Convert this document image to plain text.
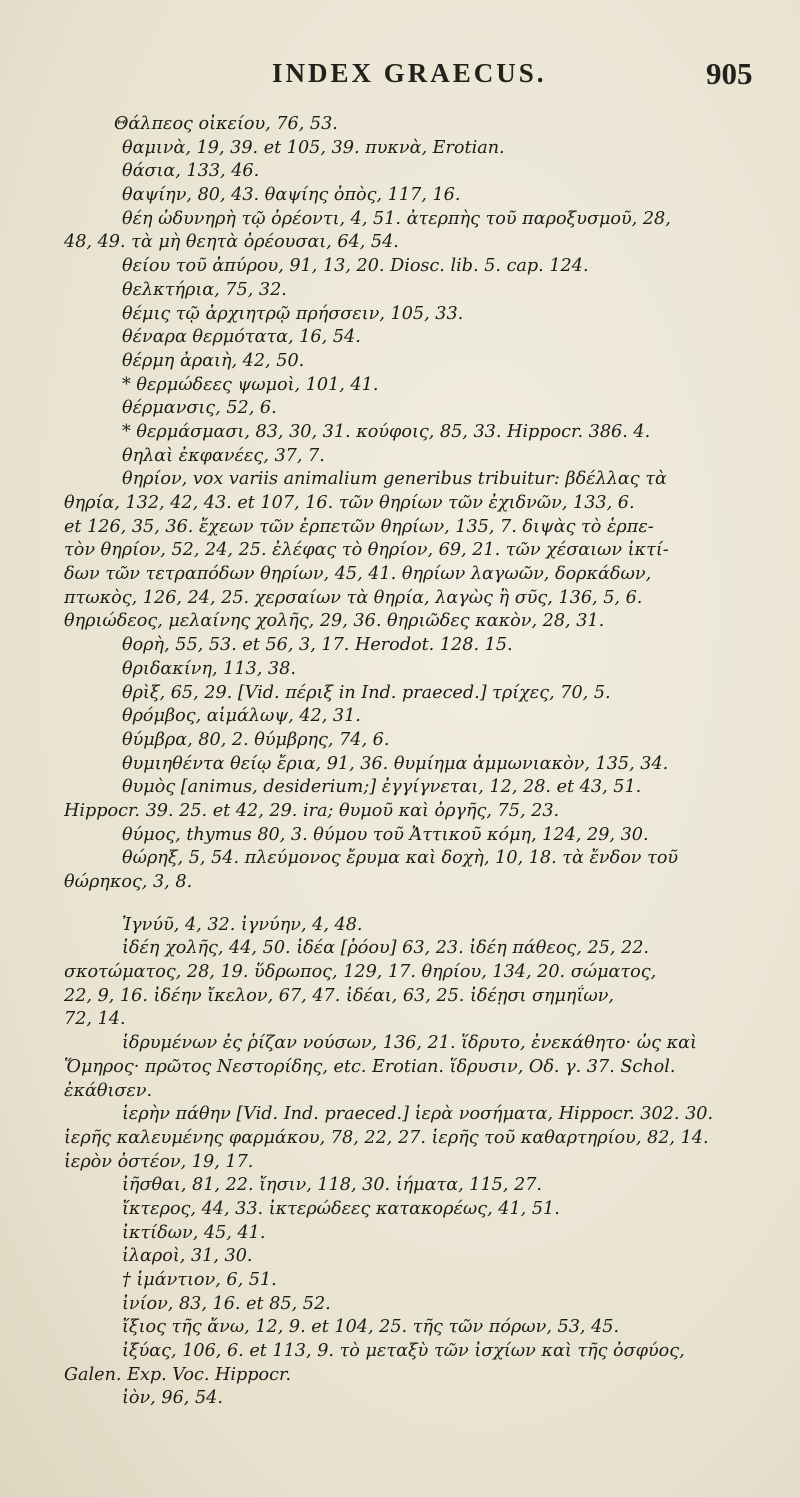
INDEX GRAECUS.	905
Θάλπεος οἰκείου, 76, 53.
θαμινὰ, 19, 39. et 105, 39. πυκνὰ, Erotian.
θάσια, 133, 46.
θαψίην, 80, 43. θαψίης ὀπὸς, 117, 16.
θέη ὠδυνηρὴ τῷ ὀρέοντι, 4, 51. ἀτερπὴς τοῦ παροξυσμοῦ, 28,
48, 49. τὰ μὴ θεητὰ ὀρέουσαι, 64, 54.
θείου τοῦ ἀπύρου, 91, 13, 20. Diosc. lib. 5. cap. 124.
θελκτήρια, 75, 32.
θέμις τῷ ἀρχιητρῷ πρήσσειν, 105, 33.
θέναρα θερμότατα, 16, 54.
θέρμη ἀραιὴ, 42, 50.
* θερμώδεες ψωμοὶ, 101, 41.
θέρμανσις, 52, 6.
* θερμάσμασι, 83, 30, 31. κούφοις, 85, 33. Hippocr. 386. 4.
θηλαὶ ἐκφανέες, 37, 7.
θηρίον, vox variis animalium generibus tribuitur: βδέλλας τὰ
θηρία, 132, 42, 43. et 107, 16. τῶν θηρίων τῶν ἐχιδνῶν, 133, 6.
et 126, 35, 36. ἔχεων τῶν ἑρπετῶν θηρίων, 135, 7. διψὰς τὸ ἑρπε-
τὸν θηρίον, 52, 24, 25. ἐλέφας τὸ θηρίον, 69, 21. τῶν χέσαιων ἰκτί-
δων τῶν τετραπόδων θηρίων, 45, 41. θηρίων λαγωῶν, δορκάδων,
πτωκὸς, 126, 24, 25. χερσαίων τὰ θηρία, λαγὼς ἢ σῦς, 136, 5, 6.
θηριώδεος, μελαίνης χολῆς, 29, 36. θηριῶδες κακὸν, 28, 31.
θορὴ, 55, 53. et 56, 3, 17. Herodot. 128. 15.
θριδακίνη, 113, 38.
θρὶξ, 65, 29. [Vid. πέριξ in Ind. praeced.] τρίχες, 70, 5.
θρόμβος, αἱμάλωψ, 42, 31.
θύμβρα, 80, 2. θύμβρης, 74, 6.
θυμιηθέντα θείῳ ἔρια, 91, 36. θυμίημα ἀμμωνιακὸν, 135, 34.
θυμὸς [animus, desiderium;] ἐγγίγνεται, 12, 28. et 43, 51.
Hippocr. 39. 25. et 42, 29. ira; θυμοῦ καὶ ὀργῆς, 75, 23.
θύμος, thymus 80, 3. θύμου τοῦ Ἀττικοῦ κόμη, 124, 29, 30.
θώρηξ, 5, 54. πλεύμονος ἔρυμα καὶ δοχὴ, 10, 18. τὰ ἔνδον τοῦ
θώρηκος, 3, 8.
Ἰγνύῦ, 4, 32. ἰγνύην, 4, 48.
ἰδέη χολῆς, 44, 50. ἰδέα [ῥόου] 63, 23. ἰδέη πάθεος, 25, 22.
σκοτώματος, 28, 19. ὕδρωπος, 129, 17. θηρίου, 134, 20. σώματος,
22, 9, 16. ἰδέην ἴκελον, 67, 47. ἰδέαι, 63, 25. ἰδέῃσι σημηΐων,
72, 14.
ἱδρυμένων ἐς ῥίζαν νούσων, 136, 21. ἵδρυτο, ἐνεκάθητο· ὡς καὶ
Ὅμηρος· πρῶτος Νεστορίδης, etc. Erotian. ἵδρυσιν, Οδ. γ. 37. Schol.
ἐκάθισεν.
ἱερὴν πάθην [Vid. Ind. praeced.] ἱερὰ νοσήματα, Hippocr. 302. 30.
ἱερῆς καλευμένης φαρμάκου, 78, 22, 27. ἱερῆς τοῦ καθαρτηρίου, 82, 14.
ἱερὸν ὀστέον, 19, 17.
ἰῆσθαι, 81, 22. ἴησιν, 118, 30. ἰήματα, 115, 27.
ἴκτερος, 44, 33. ἰκτερώδεες κατακορέως, 41, 51.
ἰκτίδων, 45, 41.
ἱλαροὶ, 31, 30.
† ἱμάντιον, 6, 51.
ἰνίον, 83, 16. et 85, 52.
ἴξιος τῆς ἄνω, 12, 9. et 104, 25. τῆς τῶν πόρων, 53, 45.
ἰξύας, 106, 6. et 113, 9. τὸ μεταξὺ τῶν ἰσχίων καὶ τῆς ὀσφύος,
Galen. Exp. Voc. Hippocr.
ἰὸν, 96, 54.
